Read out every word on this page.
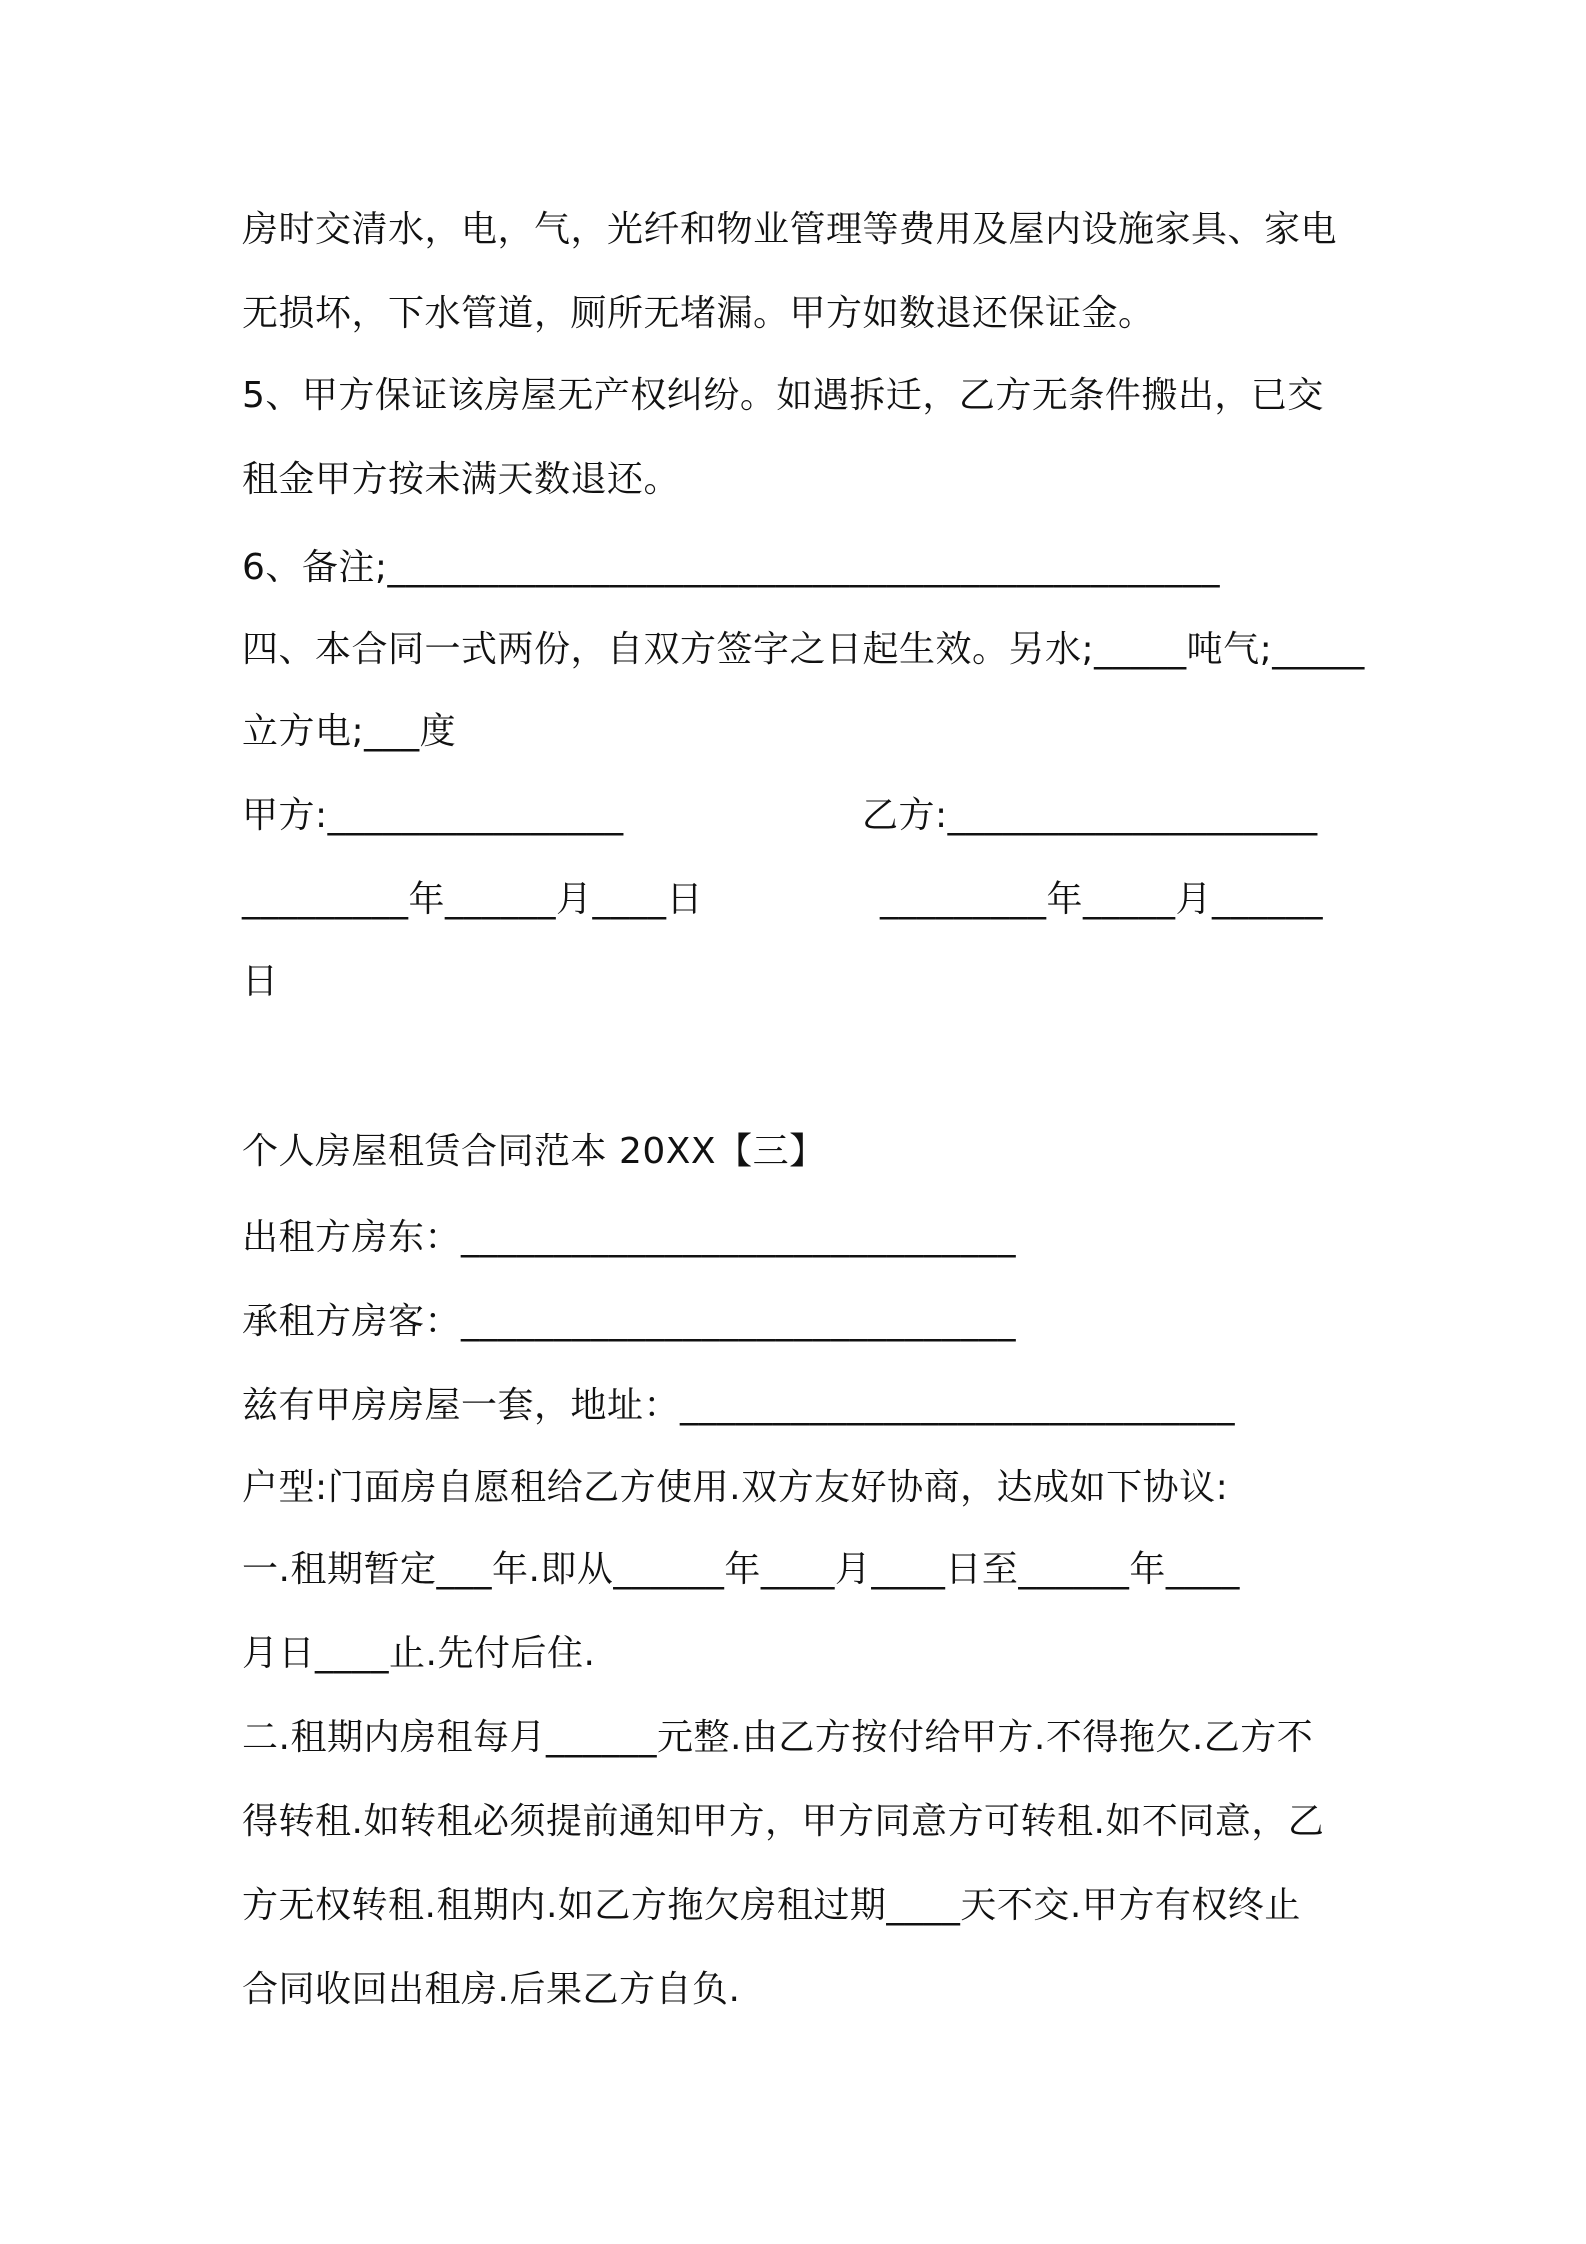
房时交清水，电，气，光纤和物业管理等费用及屋内设施家具、家电
无损坏，下水管道，厕所无堵漏。甲方如数退还保证金。
5、甲方保证该房屋无产权纠纷。如遇拆迁，乙方无条件搬出，已交
租金甲方按未满天数退还。
6、备注;_____________________________________________
四、本合同一式两份，自双方签字之日起生效。另水;_____吨气;_____
立方电;___度
甲方:________________	乙方:____________________
_________年______月____日	_________年_____月______
日
个人房屋租赁合同范本 20XX【三】
出租方房东：______________________________
承租方房客：______________________________
兹有甲房房屋一套，地址：______________________________
户型:门面房自愿租给乙方使用.双方友好协商，达成如下协议:
一.租期暂定___年.即从______年____月____日至______年____
月日____止.先付后住.
二.租期内房租每月______元整.由乙方按付给甲方.不得拖欠.乙方不
得转租.如转租必须提前通知甲方，甲方同意方可转租.如不同意，乙
方无权转租.租期内.如乙方拖欠房租过期____天不交.甲方有权终止
合同收回出租房.后果乙方自负.
